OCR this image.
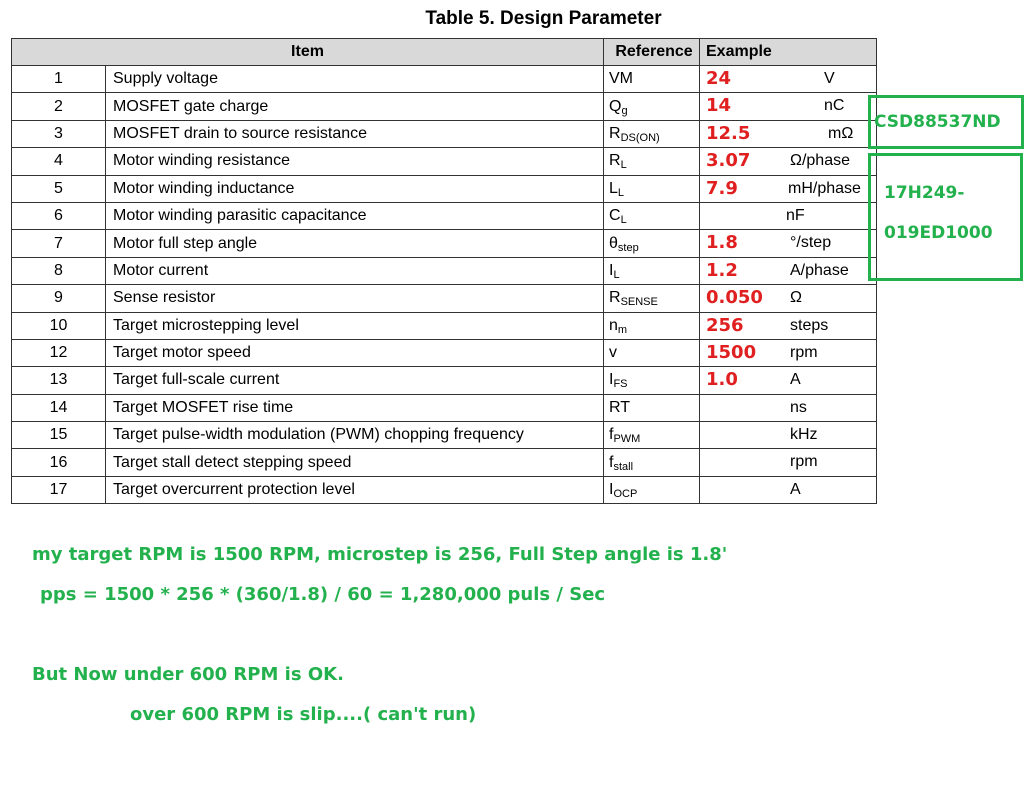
Table 5. Design Parameter
Item		Reference	Example
1	Supply voltage	VM	24 V

2	MOSFET gate charge	$Q_g$	14 nC

3	MOSFET drain to source resistance	$R_{DS(ON)}$	12.5 mΩ

4	Motor winding resistance	$R_L$	3.07 Ω/phase

5	Motor winding inductance	$L_L$	7.9 mH/phase

6	Motor winding parasitic capacitance	$C_L$	nF

7	Motor full step angle	$\theta_{step}$	1.8 °/step

8	Motor current	$I_L$	1.2 A/phase

9	Sense resistor	$R_{SENSE}$	0.050 Ω

10	Target microstepping level	$n_m$	256 steps

12	Target motor speed	v	1500 rpm

13	Target full-scale current	$I_{FS}$	1.0 A

14	Target MOSFET rise time	RT	ns

15	Target pulse-width modulation (PWM) chopping frequency	$f_{PWM}$	kHz

16	Target stall detect stepping speed	$f_{stall}$	rpm

17	Target overcurrent protection level	$I_{OCP}$	A
CSD88537ND
17H249-
019ED1000
my target RPM is 1500 RPM, microstep is 256, Full Step angle is 1.8'
pps = 1500 * 256 * (360/1.8) / 60 = 1,280,000 puls / Sec
But Now under 600 RPM is OK.
over 600 RPM is slip....( can't run)
